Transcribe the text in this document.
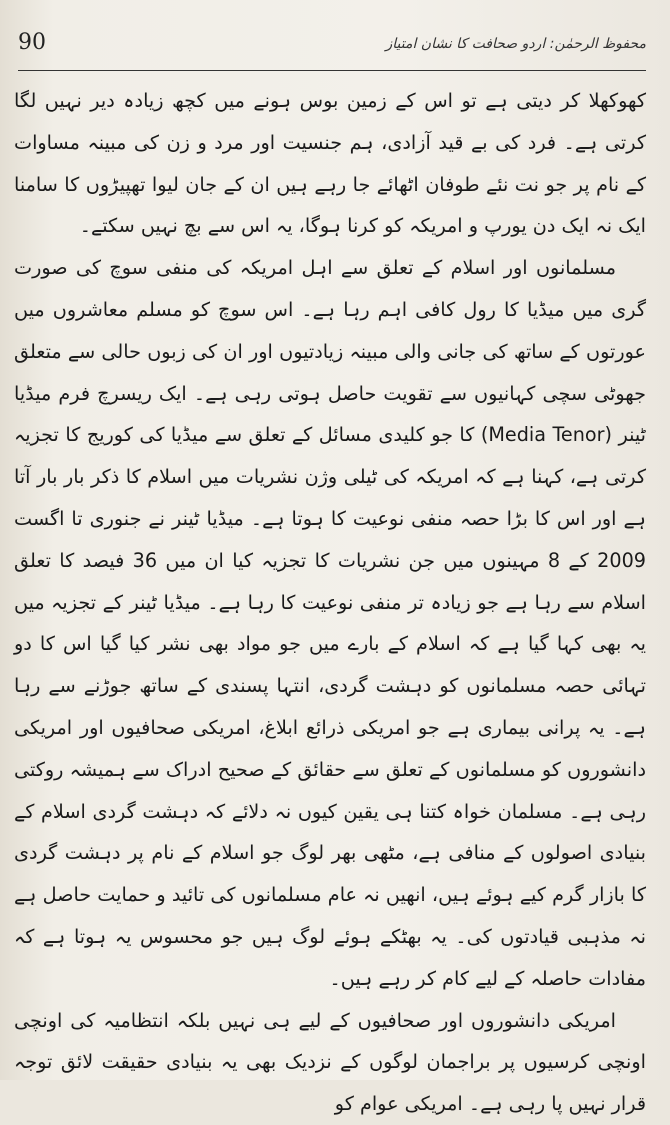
90	محفوظ الرحمٰن: اردو صحافت کا نشان امتیاز

کھوکھلا کر دیتی ہے تو اس کے زمین بوس ہونے میں کچھ زیادہ دیر نہیں لگا کرتی ہے۔ فرد کی بے قید آزادی، ہم جنسیت اور مرد و زن کی مبینہ مساوات کے نام پر جو نت نئے طوفان اٹھائے جا رہے ہیں ان کے جان لیوا تھپیڑوں کا سامنا ایک نہ ایک دن یورپ و امریکہ کو کرنا ہوگا، یہ اس سے بچ نہیں سکتے۔

مسلمانوں اور اسلام کے تعلق سے اہل امریکہ کی منفی سوچ کی صورت گری میں میڈیا کا رول کافی اہم رہا ہے۔ اس سوچ کو مسلم معاشروں میں عورتوں کے ساتھ کی جانی والی مبینہ زیادتیوں اور ان کی زبوں حالی سے متعلق جھوٹی سچی کہانیوں سے تقویت حاصل ہوتی رہی ہے۔ ایک ریسرچ فرم میڈیا ٹینر (Media Tenor) کا جو کلیدی مسائل کے تعلق سے میڈیا کی کوریج کا تجزیہ کرتی ہے، کہنا ہے کہ امریکہ کی ٹیلی وژن نشریات میں اسلام کا ذکر بار بار آتا ہے اور اس کا بڑا حصہ منفی نوعیت کا ہوتا ہے۔ میڈیا ٹینر نے جنوری تا اگست 2009 کے 8 مہینوں میں جن نشریات کا تجزیہ کیا ان میں 36 فیصد کا تعلق اسلام سے رہا ہے جو زیادہ تر منفی نوعیت کا رہا ہے۔ میڈیا ٹینر کے تجزیہ میں یہ بھی کہا گیا ہے کہ اسلام کے بارے میں جو مواد بھی نشر کیا گیا اس کا دو تہائی حصہ مسلمانوں کو دہشت گردی، انتہا پسندی کے ساتھ جوڑنے سے رہا ہے۔ یہ پرانی بیماری ہے جو امریکی ذرائع ابلاغ، امریکی صحافیوں اور امریکی دانشوروں کو مسلمانوں کے تعلق سے حقائق کے صحیح ادراک سے ہمیشہ روکتی رہی ہے۔ مسلمان خواہ کتنا ہی یقین کیوں نہ دلائے کہ دہشت گردی اسلام کے بنیادی اصولوں کے منافی ہے، مٹھی بھر لوگ جو اسلام کے نام پر دہشت گردی کا بازار گرم کیے ہوئے ہیں، انھیں نہ عام مسلمانوں کی تائید و حمایت حاصل ہے نہ مذہبی قیادتوں کی۔ یہ بھٹکے ہوئے لوگ ہیں جو محسوس یہ ہوتا ہے کہ مفادات حاصلہ کے لیے کام کر رہے ہیں۔

امریکی دانشوروں اور صحافیوں کے لیے ہی نہیں بلکہ انتظامیہ کی اونچی اونچی کرسیوں پر براجمان لوگوں کے نزدیک بھی یہ بنیادی حقیقت لائق توجہ قرار نہیں پا رہی ہے۔ امریکی عوام کو
